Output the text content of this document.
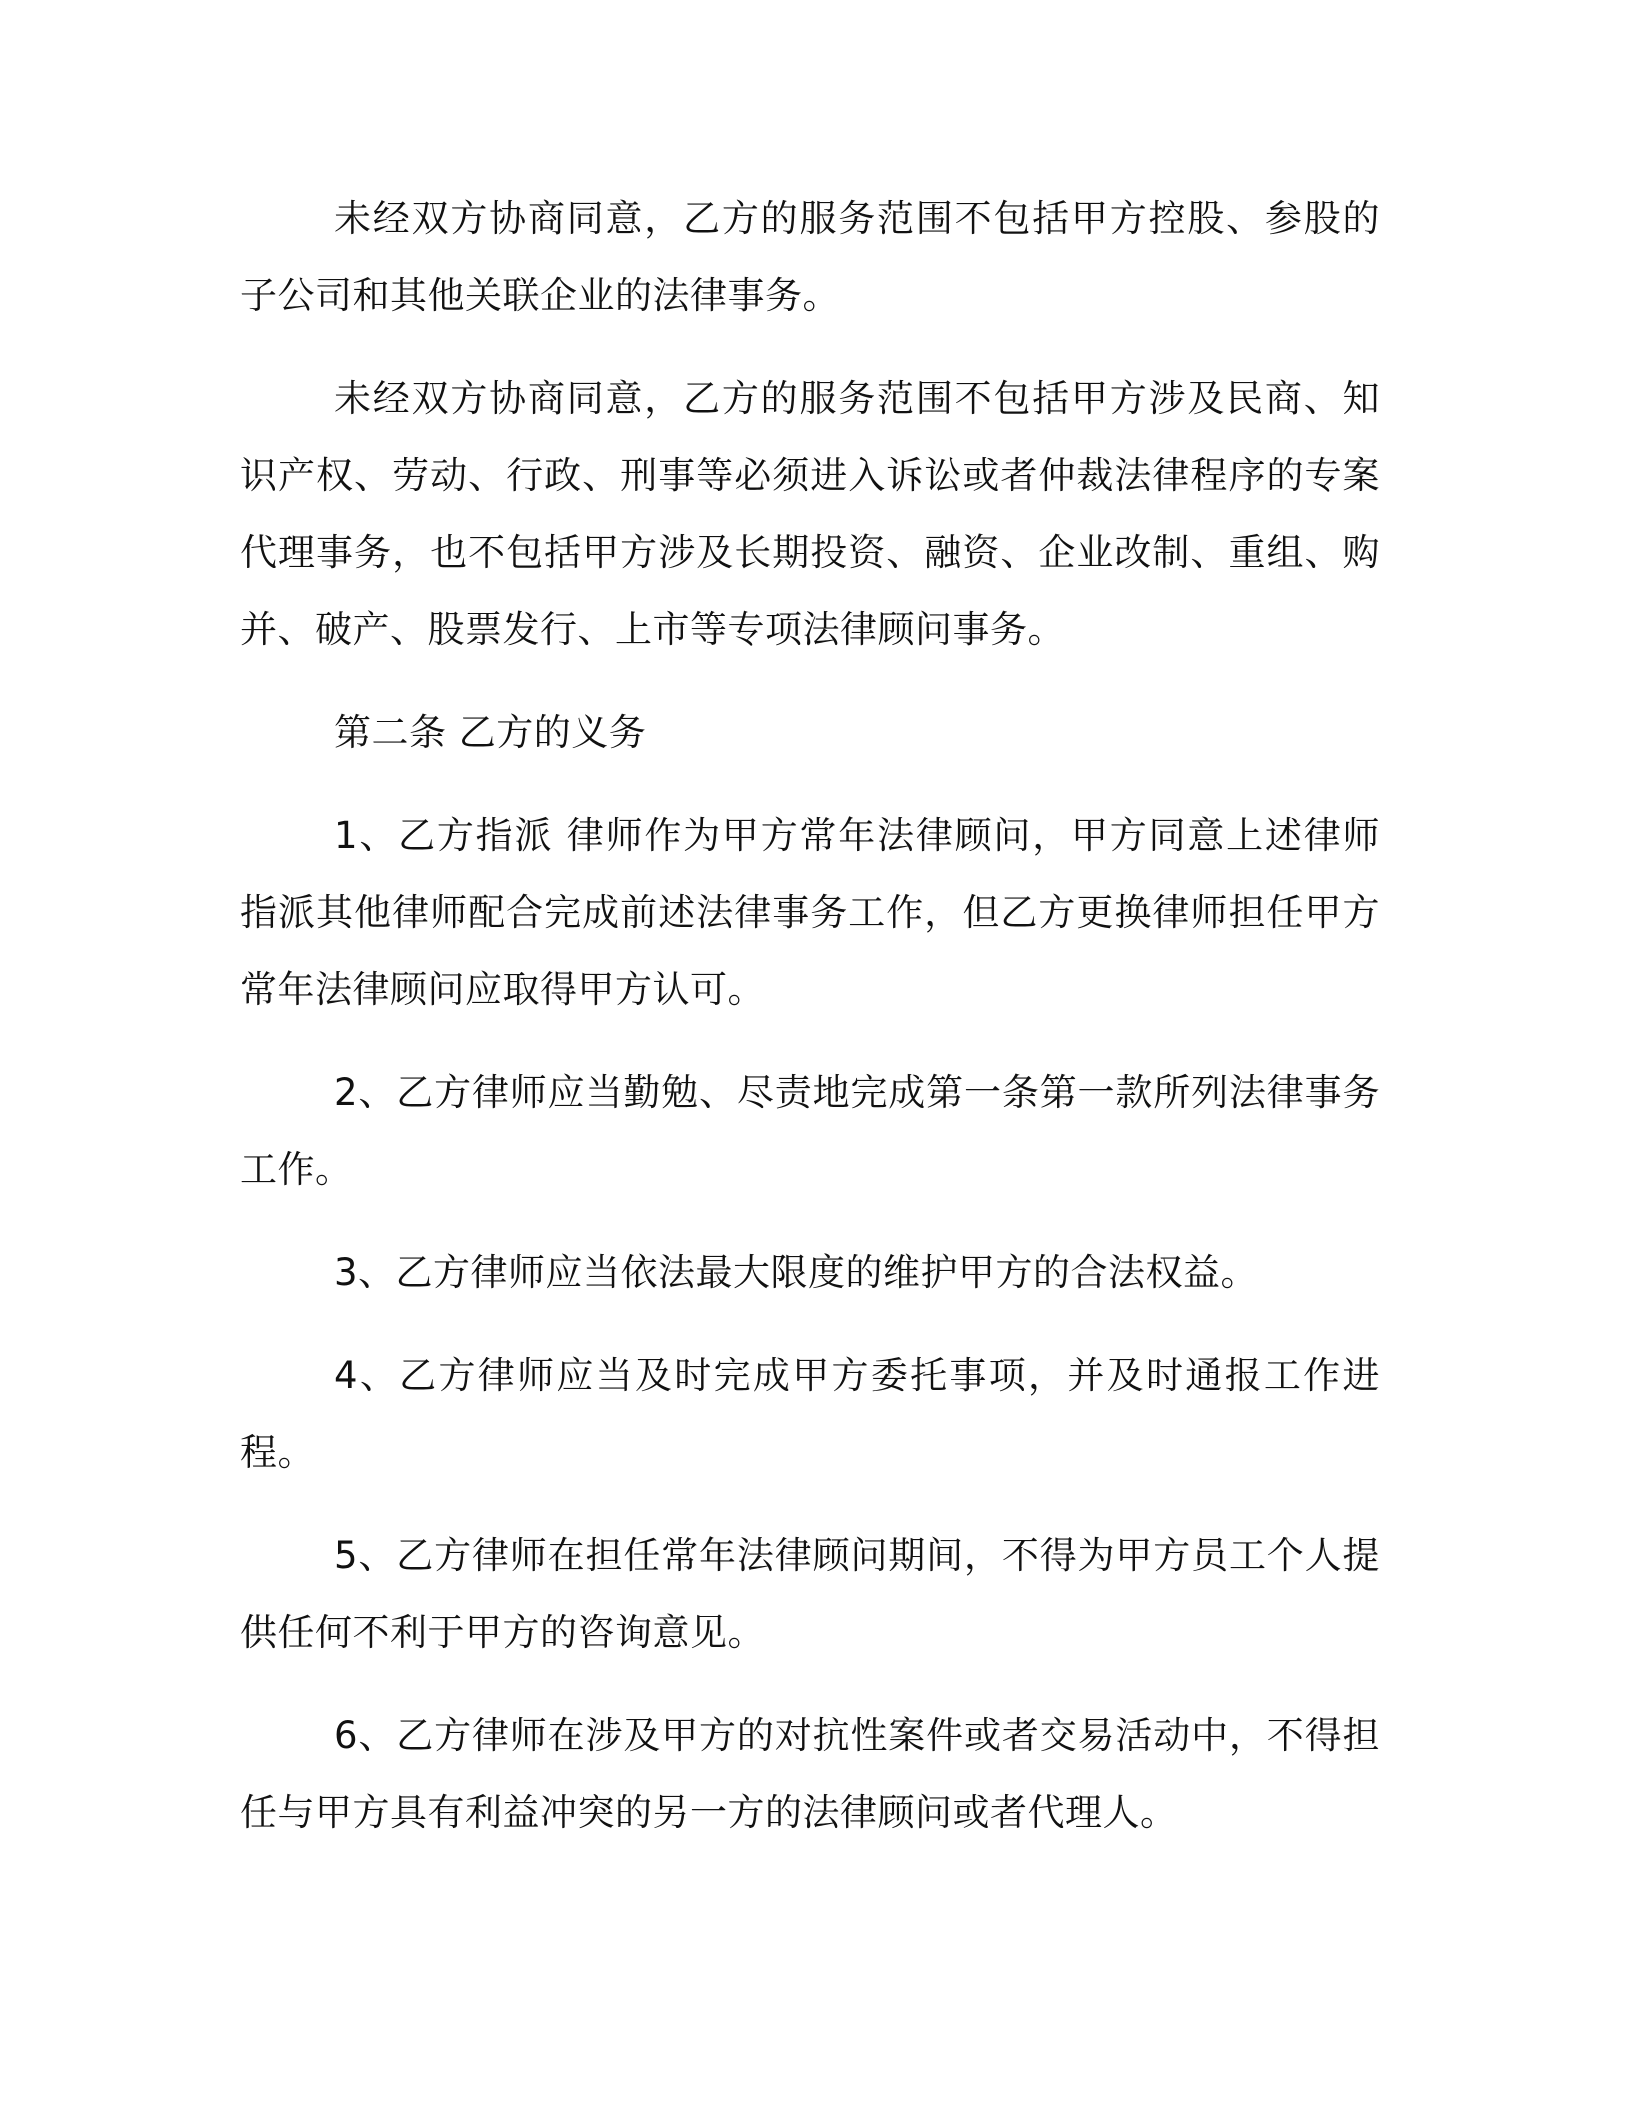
未经双方协商同意，乙方的服务范围不包括甲方控股、参股的子公司和其他关联企业的法律事务。

未经双方协商同意，乙方的服务范围不包括甲方涉及民商、知识产权、劳动、行政、刑事等必须进入诉讼或者仲裁法律程序的专案代理事务，也不包括甲方涉及长期投资、融资、企业改制、重组、购并、破产、股票发行、上市等专项法律顾问事务。

第二条 乙方的义务

1、乙方指派 律师作为甲方常年法律顾问，甲方同意上述律师指派其他律师配合完成前述法律事务工作，但乙方更换律师担任甲方常年法律顾问应取得甲方认可。

2、乙方律师应当勤勉、尽责地完成第一条第一款所列法律事务工作。

3、乙方律师应当依法最大限度的维护甲方的合法权益。

4、乙方律师应当及时完成甲方委托事项，并及时通报工作进程。

5、乙方律师在担任常年法律顾问期间，不得为甲方员工个人提供任何不利于甲方的咨询意见。

6、乙方律师在涉及甲方的对抗性案件或者交易活动中，不得担任与甲方具有利益冲突的另一方的法律顾问或者代理人。
